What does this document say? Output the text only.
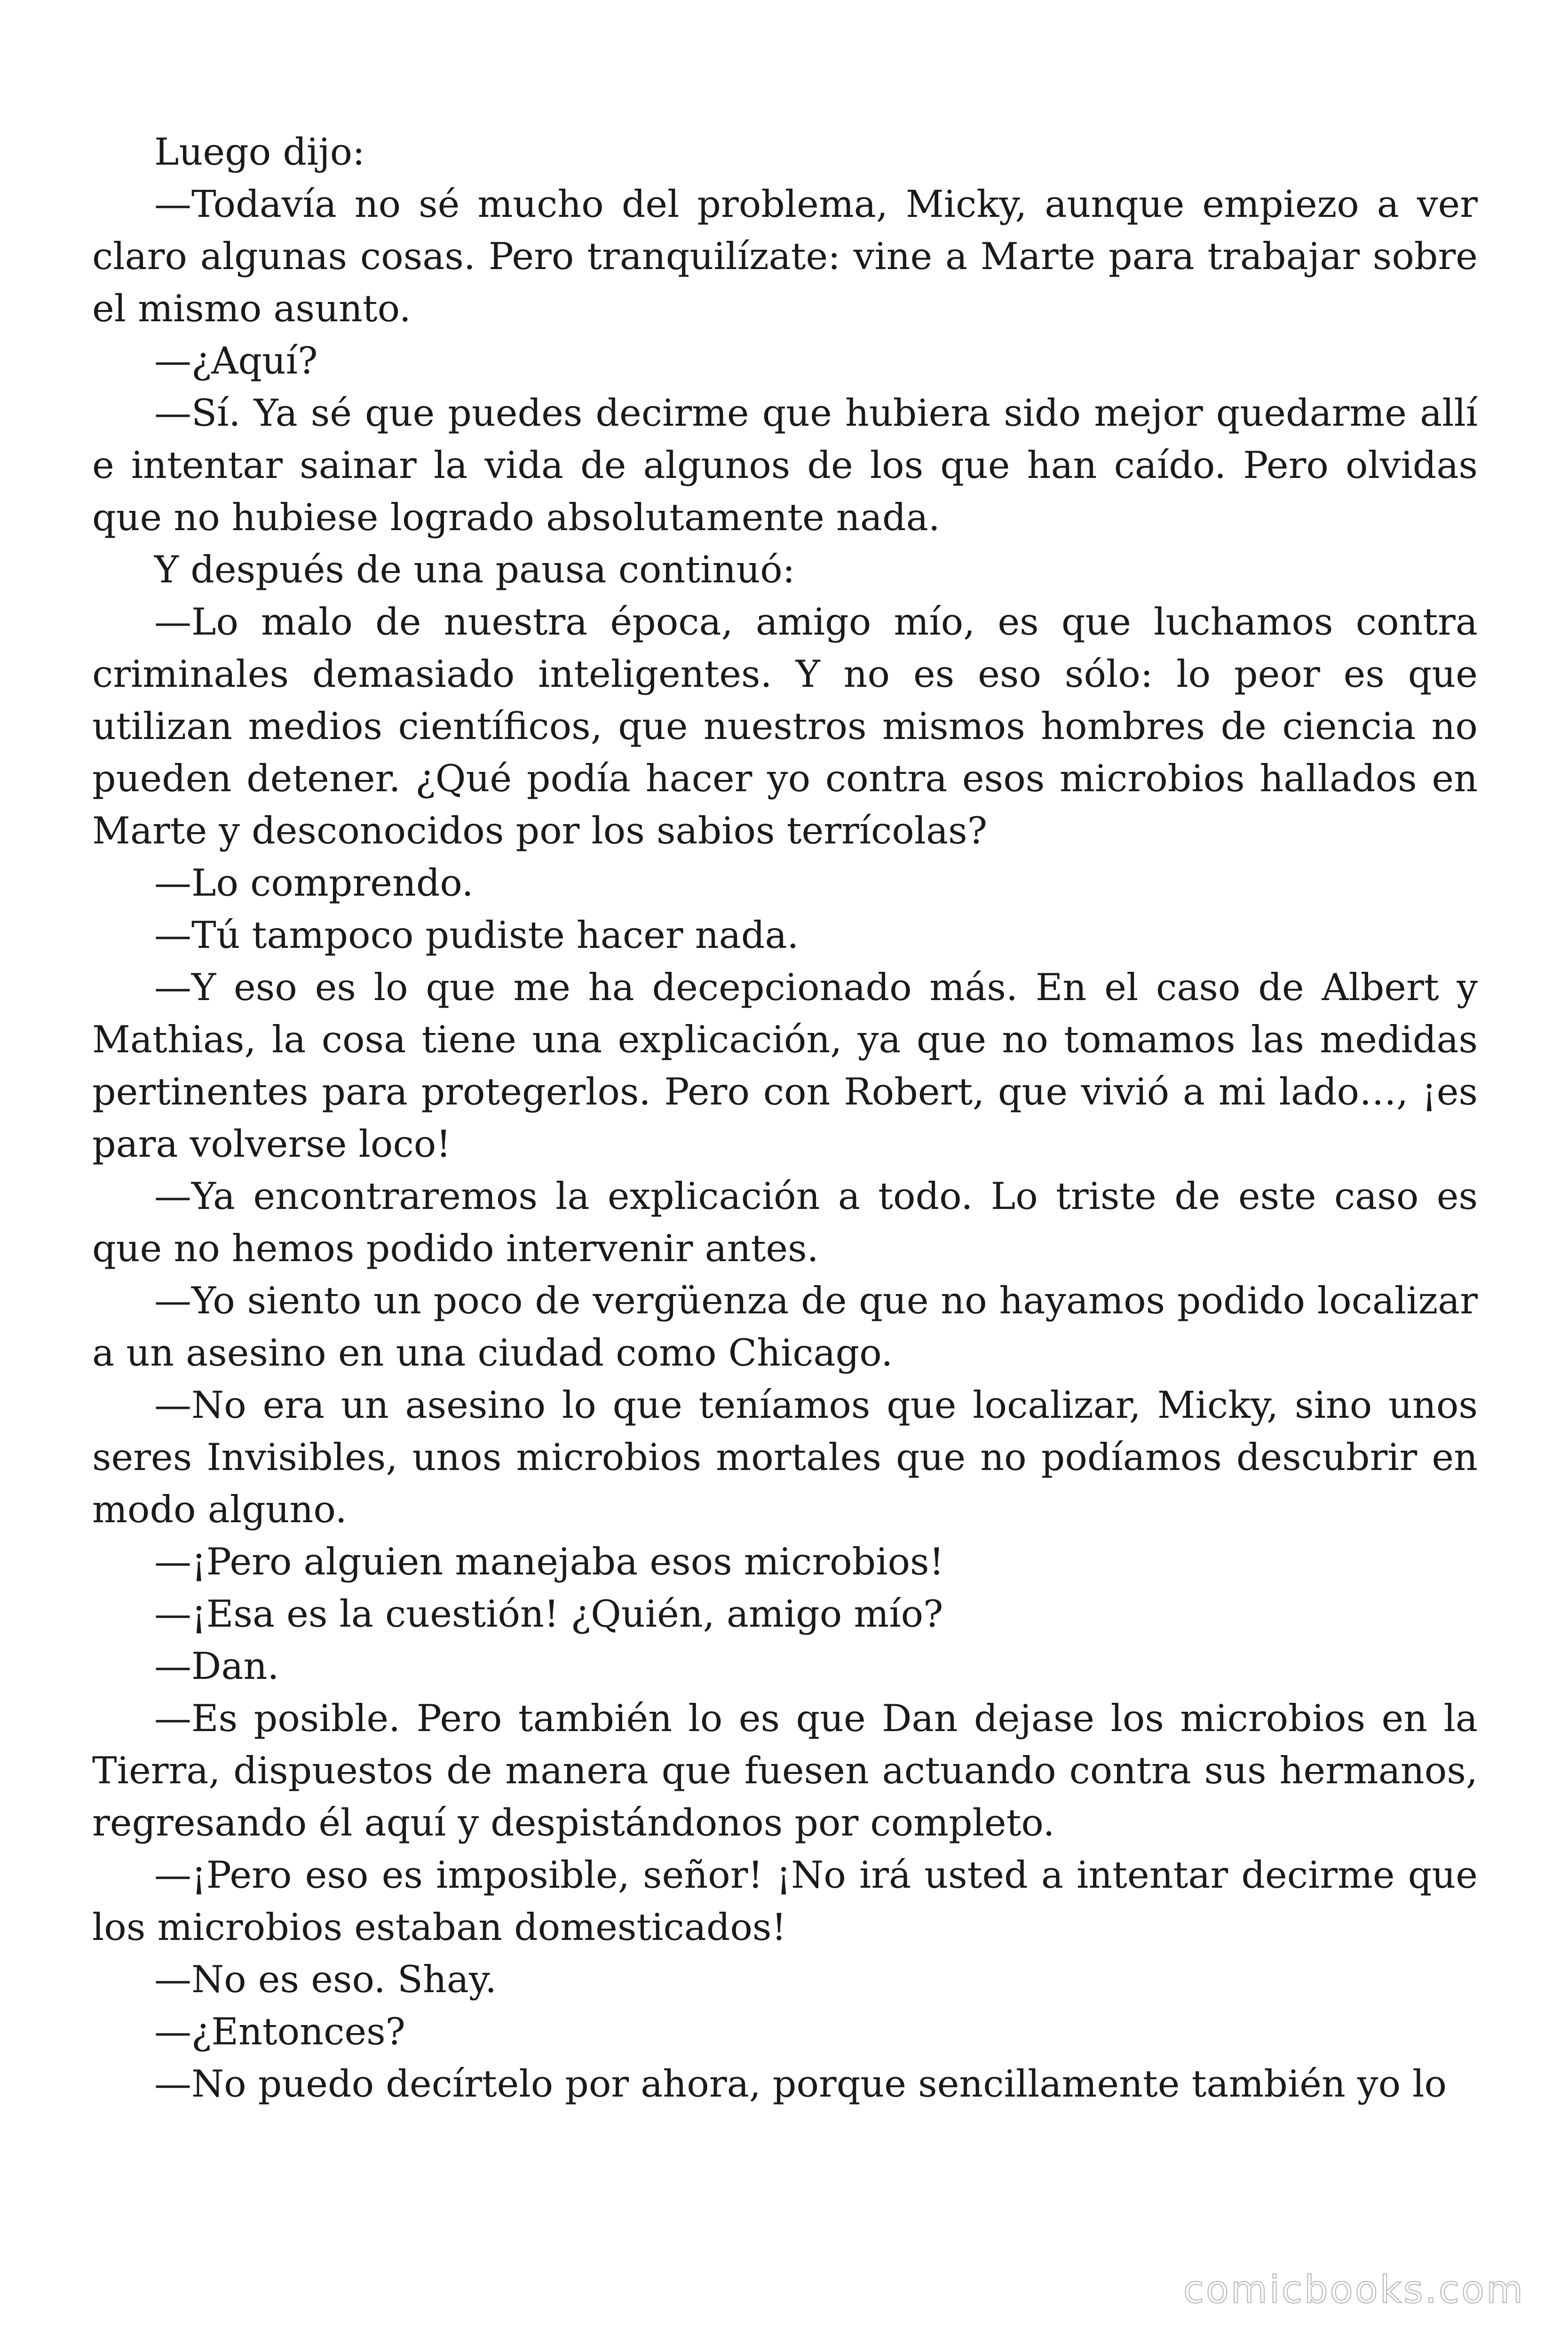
Luego dijo:

—Todavía no sé mucho del problema, Micky, aunque empiezo a ver claro algunas cosas. Pero tranquilízate: vine a Marte para trabajar sobre el mismo asunto.

—¿Aquí?

—Sí. Ya sé que puedes decirme que hubiera sido mejor quedarme allí e intentar sainar la vida de algunos de los que han caído. Pero olvidas que no hubiese logrado absolutamente nada.

Y después de una pausa continuó:

—Lo malo de nuestra época, amigo mío, es que luchamos contra criminales demasiado inteligentes. Y no es eso sólo: lo peor es que utilizan medios científicos, que nuestros mismos hombres de ciencia no pueden detener. ¿Qué podía hacer yo contra esos microbios hallados en Marte y desconocidos por los sabios terrícolas?

—Lo comprendo.

—Tú tampoco pudiste hacer nada.

—Y eso es lo que me ha decepcionado más. En el caso de Albert y Mathias, la cosa tiene una explicación, ya que no tomamos las medidas pertinentes para protegerlos. Pero con Robert, que vivió a mi lado…, ¡es para volverse loco!

—Ya encontraremos la explicación a todo. Lo triste de este caso es que no hemos podido intervenir antes.

—Yo siento un poco de vergüenza de que no hayamos podido localizar a un asesino en una ciudad como Chicago.

—No era un asesino lo que teníamos que localizar, Micky, sino unos seres Invisibles, unos microbios mortales que no podíamos descubrir en modo alguno.

—¡Pero alguien manejaba esos microbios!

—¡Esa es la cuestión! ¿Quién, amigo mío?

—Dan.

—Es posible. Pero también lo es que Dan dejase los microbios en la Tierra, dispuestos de manera que fuesen actuando contra sus hermanos, regresando él aquí y despistándonos por completo.

—¡Pero eso es imposible, señor! ¡No irá usted a intentar decirme que los microbios estaban domesticados!

—No es eso. Shay.

—¿Entonces?

—No puedo decírtelo por ahora, porque sencillamente también yo lo

comicbooks.com
